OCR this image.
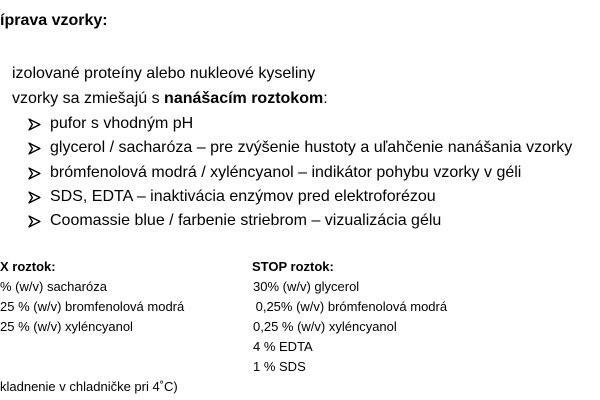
íprava vzorky:
izolované proteíny alebo nukleové kyseliny
vzorky sa zmiešajú s nanášacím roztokom:
pufor s vhodným pH
glycerol / sacharóza – pre zvýšenie hustoty a uľahčenie nanášania vzorky
brómfenolová modrá / xyléncyanol – indikátor pohybu vzorky v géli
SDS, EDTA – inaktivácia enzýmov pred elektroforézou
Coomassie blue / farbenie striebrom – vizualizácia gélu
X roztok:
% (w/v) sacharóza
25 % (w/v) bromfenolová modrá
25 % (w/v) xyléncyanol
kladnenie v chladničke pri 4˚C)
STOP roztok:
30% (w/v) glycerol
0,25% (w/v) brómfenolová modrá
0,25 % (w/v) xyléncyanol
4 % EDTA
1 % SDS
